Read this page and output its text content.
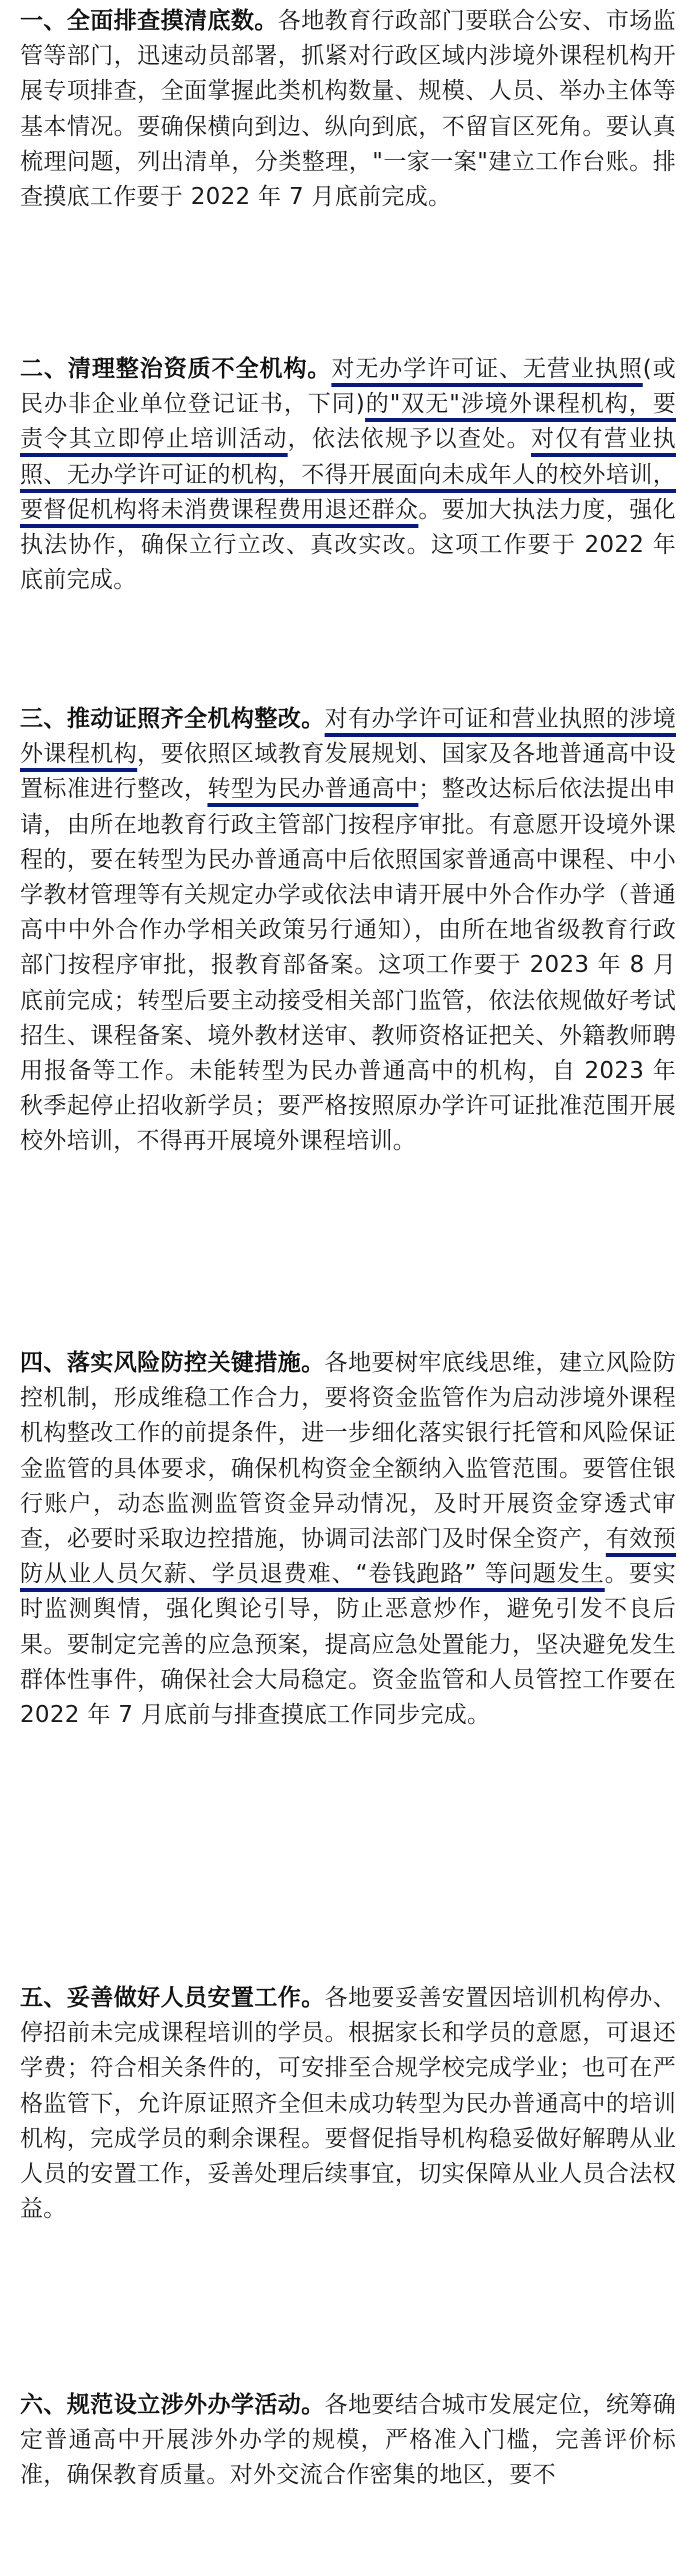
一、全面排查摸清底数。各地教育行政部门要联合公安、市场监管等部门，迅速动员部署，抓紧对行政区域内涉境外课程机构开展专项排查，全面掌握此类机构数量、规模、人员、举办主体等基本情况。要确保横向到边、纵向到底，不留盲区死角。要认真梳理问题，列出清单，分类整理，"一家一案"建立工作台账。排查摸底工作要于 2022 年 7 月底前完成。

二、清理整治资质不全机构。对无办学许可证、无营业执照(或民办非企业单位登记证书，下同)的"双无"涉境外课程机构，要责令其立即停止培训活动，依法依规予以查处。对仅有营业执照、无办学许可证的机构，不得开展面向未成年人的校外培训，要督促机构将未消费课程费用退还群众。要加大执法力度，强化执法协作，确保立行立改、真改实改。这项工作要于 2022 年底前完成。

三、推动证照齐全机构整改。对有办学许可证和营业执照的涉境外课程机构，要依照区域教育发展规划、国家及各地普通高中设置标准进行整改，转型为民办普通高中；整改达标后依法提出申请，由所在地教育行政主管部门按程序审批。有意愿开设境外课程的，要在转型为民办普通高中后依照国家普通高中课程、中小学教材管理等有关规定办学或依法申请开展中外合作办学（普通高中中外合作办学相关政策另行通知），由所在地省级教育行政部门按程序审批，报教育部备案。这项工作要于 2023 年 8 月底前完成；转型后要主动接受相关部门监管，依法依规做好考试招生、课程备案、境外教材送审、教师资格证把关、外籍教师聘用报备等工作。未能转型为民办普通高中的机构，自 2023 年秋季起停止招收新学员；要严格按照原办学许可证批准范围开展校外培训，不得再开展境外课程培训。

四、落实风险防控关键措施。各地要树牢底线思维，建立风险防控机制，形成维稳工作合力，要将资金监管作为启动涉境外课程机构整改工作的前提条件，进一步细化落实银行托管和风险保证金监管的具体要求，确保机构资金全额纳入监管范围。要管住银行账户，动态监测监管资金异动情况，及时开展资金穿透式审查，必要时采取边控措施，协调司法部门及时保全资产，有效预防从业人员欠薪、学员退费难、“卷钱跑路” 等问题发生。要实时监测舆情，强化舆论引导，防止恶意炒作，避免引发不良后果。要制定完善的应急预案，提高应急处置能力，坚决避免发生群体性事件，确保社会大局稳定。资金监管和人员管控工作要在 2022 年 7 月底前与排查摸底工作同步完成。

五、妥善做好人员安置工作。各地要妥善安置因培训机构停办、停招前未完成课程培训的学员。根据家长和学员的意愿，可退还学费；符合相关条件的，可安排至合规学校完成学业；也可在严格监管下，允许原证照齐全但未成功转型为民办普通高中的培训机构，完成学员的剩余课程。要督促指导机构稳妥做好解聘从业人员的安置工作，妥善处理后续事宜，切实保障从业人员合法权益。

六、规范设立涉外办学活动。各地要结合城市发展定位，统筹确定普通高中开展涉外办学的规模，严格准入门槛，完善评价标准，确保教育质量。对外交流合作密集的地区，要不
